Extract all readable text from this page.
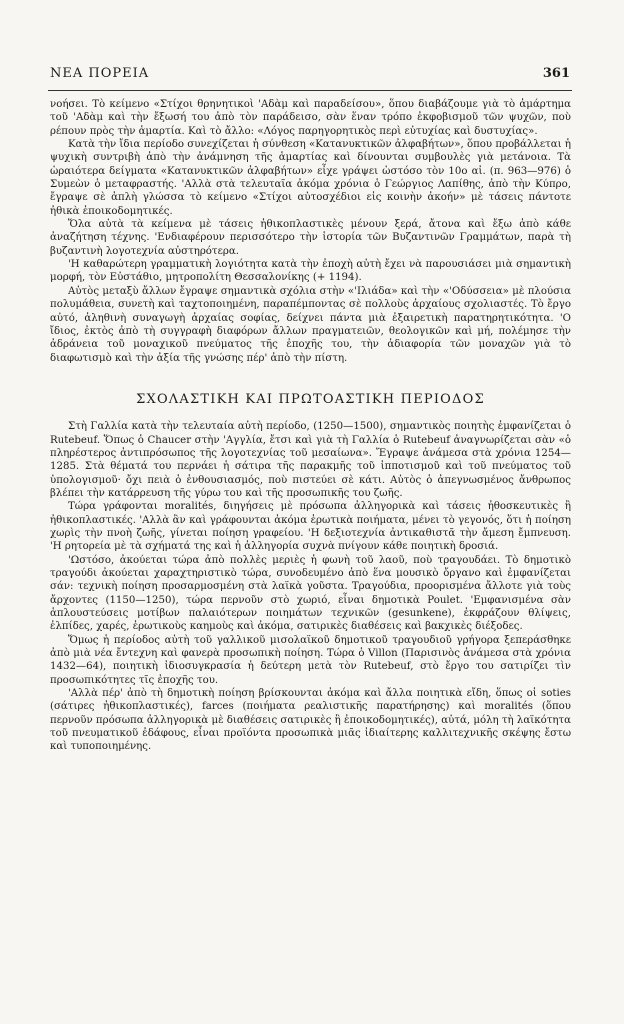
ΝΕΑ ΠΟΡΕΙΑ	361

νοήσει. Τὸ κείμενο «Στίχοι θρηνητικοὶ 'Αδὰμ καὶ παραδείσου», ὅπου διαβάζουμε γιὰ τὸ ἁμάρτημα τοῦ 'Αδὰμ καὶ τὴν ἔξωσή του ἀπὸ τὸν παράδεισο, σὰν ἕναν τρόπο ἐκφοβισμοῦ τῶν ψυχῶν, ποὺ ρέπουν πρὸς τὴν ἁμαρτία. Καὶ τὸ ἄλλο: «Λόγος παρηγορητικὸς περὶ εὐτυχίας καὶ δυστυχίας».

Κατὰ τὴν ἴδια περίοδο συνεχίζεται ἡ σύνθεση «Κατανυκτικῶν ἀλφαβήτων», ὅπου προβάλλεται ἡ ψυχικὴ συντριβὴ ἀπὸ τὴν ἀνάμνηση τῆς ἁμαρτίας καὶ δίνουνται συμβουλὲς γιὰ μετάνοια. Τὰ ὡραιότερα δείγματα «Κατανυκτικῶν ἀλφαβήτων» εἶχε γράψει ὡστόσο τὸν 10ο αἰ. (π. 963—976) ὁ Συμεὼν ὁ μεταφραστής. 'Αλλὰ στὰ τελευταῖα ἀκόμα χρόνια ὁ Γεώργιος Λαπίθης, ἀπὸ τὴν Κύπρο, ἔγραψε σὲ ἁπλὴ γλώσσα τὸ κείμενο «Στίχοι αὐτοσχέδιοι εἰς κοινὴν ἀκοήν» μὲ τάσεις πάντοτε ἠθικὰ ἐποικοδομητικές.

Ὅλα αὐτὰ τὰ κείμενα μὲ τάσεις ἠθικοπλαστικὲς μένουν ξερά, ἄτονα καὶ ἔξω ἀπὸ κάθε ἀναζήτηση τέχνης. 'Ενδιαφέρουν περισσότερο τὴν ἱστορία τῶν Βυζαντινῶν Γραμμάτων, παρὰ τὴ βυζαντινὴ λογοτεχνία αὐστηρότερα.

'Η καθαρώτερη γραμματικὴ λογιότητα κατὰ τὴν ἐποχὴ αὐτὴ ἔχει νὰ παρουσιάσει μιὰ σημαντικὴ μορφή, τὸν Εὐστάθιο, μητροπολίτη Θεσσαλονίκης (+ 1194).

Αὐτὸς μεταξὺ ἄλλων ἔγραψε σημαντικὰ σχόλια στὴν «'Ιλιάδα» καὶ τὴν «'Οδύσσεια» μὲ πλούσια πολυμάθεια, συνετὴ καὶ ταχτοποιημένη, παραπέμποντας σὲ πολλοὺς ἀρχαίους σχολιαστές. Τὸ ἔργο αὐτό, ἀληθινὴ συναγωγὴ ἀρχαίας σοφίας, δείχνει πάντα μιὰ ἐξαιρετικὴ παρατηρητικότητα. 'Ο ἴδιος, ἐκτὸς ἀπὸ τὴ συγγραφὴ διαφόρων ἄλλων πραγματειῶν, θεολογικῶν καὶ μή, πολέμησε τὴν ἀδράνεια τοῦ μοναχικοῦ πνεύματος τῆς ἐποχῆς του, τὴν ἀδιαφορία τῶν μοναχῶν γιὰ τὸ διαφωτισμὸ καὶ τὴν ἀξία τῆς γνώσης πέρ' ἀπὸ τὴν πίστη.

ΣΧΟΛΑΣΤΙΚΗ ΚΑΙ ΠΡΩΤΟΑΣΤΙΚΗ ΠΕΡΙΟΔΟΣ

Στὴ Γαλλία κατὰ τὴν τελευταία αὐτὴ περίοδο, (1250—1500), σημαντικὸς ποιητὴς ἐμφανίζεται ὁ Rutebeuf. Ὅπως ὁ Chaucer στὴν 'Αγγλία, ἔτσι καὶ γιὰ τὴ Γαλλία ὁ Rutebeuf ἀναγνωρίζεται σὰν «ὁ πληρέστερος ἀντιπρόσωπος τῆς λογοτεχνίας τοῦ μεσαίωνα». Ἔγραψε ἀνάμεσα στὰ χρόνια 1254—1285. Στὰ θέματά του περνάει ἡ σάτιρα τῆς παρακμῆς τοῦ ἱπποτισμοῦ καὶ τοῦ πνεύματος τοῦ ὑπολογισμοῦ· ὄχι πειὰ ὁ ἐνθουσιασμός, ποὺ πιστεύει σὲ κάτι. Αὐτὸς ὁ ἀπεγνωσμένος ἄνθρωπος βλέπει τὴν κατάρρευση τῆς γύρω του καὶ τῆς προσωπικῆς του ζωῆς.

Τώρα γράφονται moralités, διηγήσεις μὲ πρόσωπα ἀλληγορικὰ καὶ τάσεις ἠθοσκευτικὲς ἢ ἠθικοπλαστικές. 'Αλλὰ ἂν καὶ γράφουνται ἀκόμα ἐρωτικὰ ποιήματα, μένει τὸ γεγονός, ὅτι ἡ ποίηση χωρὶς τὴν πνοὴ ζωῆς, γίνεται ποίηση γραφείου. 'Η δεξιοτεχνία ἀντικαθιστᾶ τὴν ἄμεση ἔμπνευση. 'Η ρητορεία μὲ τὰ σχήματά της καὶ ἡ ἀλληγορία συχνὰ πνίγουν κάθε ποιητικὴ δροσιά.

'Ωστόσο, ἀκούεται τώρα ἀπὸ πολλὲς μεριὲς ἡ φωνὴ τοῦ λαοῦ, ποὺ τραγουδάει. Τὸ δημοτικὸ τραγούδι ἀκούεται χαραχτηριστικὸ τώρα, συνοδευμένο ἀπὸ ἕνα μουσικὸ ὄργανο καὶ ἐμφανίζεται σάν: τεχνικὴ ποίηση προσαρμοσμένη στὰ λαϊκὰ γοῦστα. Τραγούδια, προορισμένα ἄλλοτε γιὰ τοὺς ἄρχοντες (1150—1250), τώρα περνοῦν στὸ χωριό, εἶναι δημοτικὰ Poulet. 'Εμφανισμένα σὰν ἁπλουστεύσεις μοτίβων παλαιότερων ποιημάτων τεχνικῶν (gesunkene), ἐκφράζουν θλίψεις, ἐλπίδες, χαρές, ἐρωτικοὺς καημοὺς καὶ ἀκόμα, σατιρικὲς διαθέσεις καὶ βακχικὲς διέξοδες.

Ὅμως ἡ περίοδος αὐτὴ τοῦ γαλλικοῦ μισολαϊκοῦ δημοτικοῦ τραγουδιοῦ γρήγορα ξεπεράσθηκε ἀπὸ μιὰ νέα ἔντεχνη καὶ φανερὰ προσωπικὴ ποίηση. Τώρα ὁ Villon (Παρισινὸς ἀνάμεσα στὰ χρόνια 1432—64), ποιητικὴ ἰδιοσυγκρασία ἡ δεύτερη μετὰ τὸν Rutebeuf, στὸ ἔργο του σατιρίζει τὶν προσωπικότητες τῖς ἐποχῆς του.

'Αλλὰ πέρ' ἀπὸ τὴ δημοτικὴ ποίηση βρίσκουνται ἀκόμα καὶ ἄλλα ποιητικὰ εἴδη, ὅπως οἱ soties (σάτιρες ἠθικοπλαστικές), farces (ποιήματα ρεαλιστικῆς παρατήρησης) καὶ moralités (ὅπου περνοῦν πρόσωπα ἀλληγορικὰ μὲ διαθέσεις σατιρικὲς ἢ ἐποικοδομητικές), αὐτά, μόλη τὴ λαϊκότητα τοῦ πνευματικοῦ ἐδάφους, εἶναι προϊόντα προσωπικὰ μιᾶς ἰδιαίτερης καλλιτεχνικῆς σκέψης ἔστω καὶ τυποποιημένης.
